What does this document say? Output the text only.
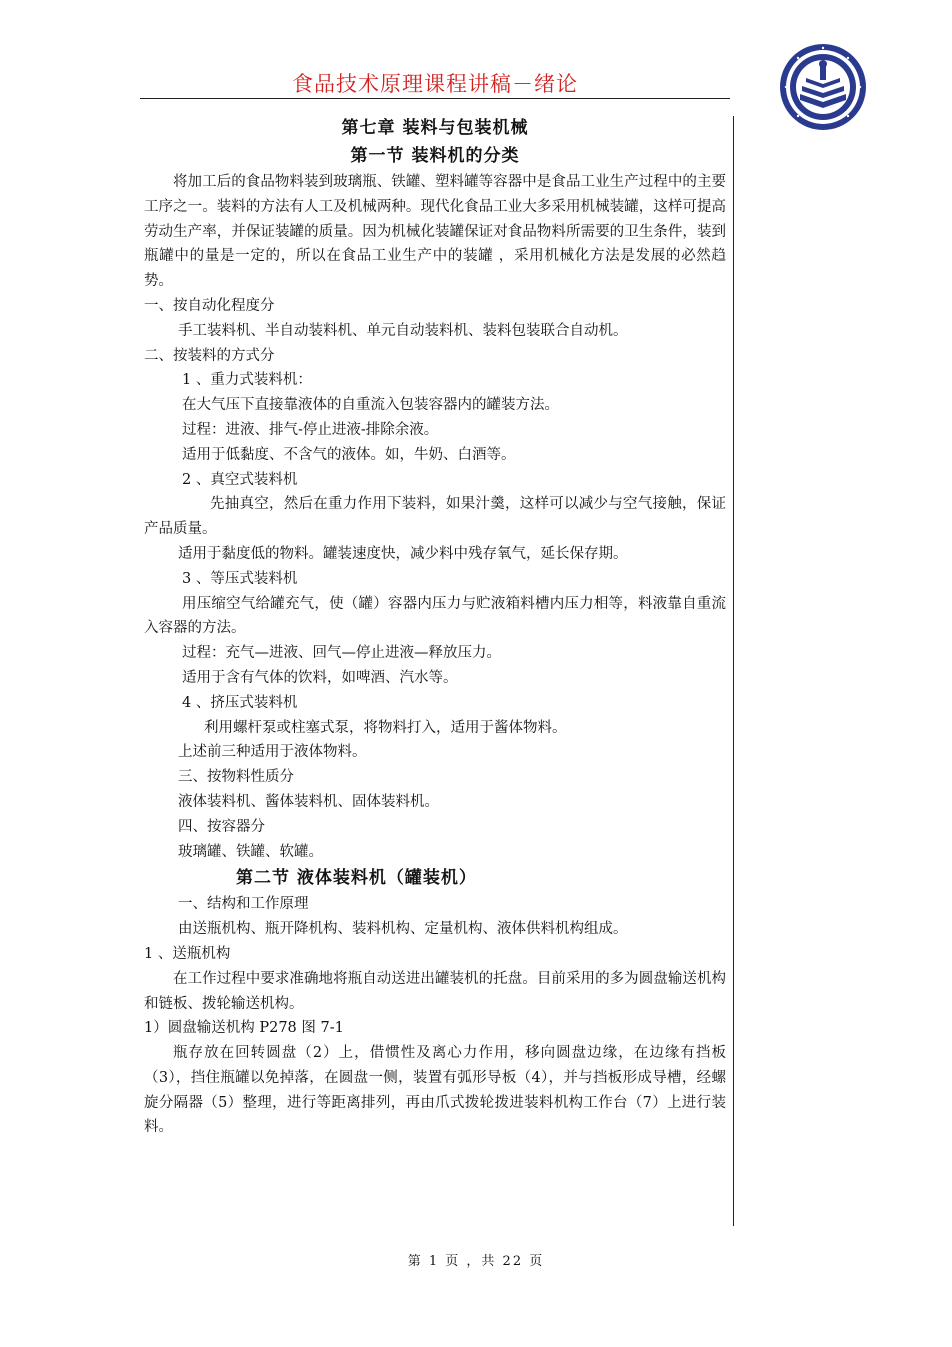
食品技术原理课程讲稿－绪论

第七章 装料与包装机械

第一节 装料机的分类

将加工后的食品物料装到玻璃瓶、铁罐、塑料罐等容器中是食品工业生产过程中的主要工序之一。装料的方法有人工及机械两种。现代化食品工业大多采用机械装罐，这样可提高劳动生产率，并保证装罐的质量。因为机械化装罐保证对食品物料所需要的卫生条件，装到瓶罐中的量是一定的，所以在食品工业生产中的装罐 ，采用机械化方法是发展的必然趋势。

一、按自动化程度分

手工装料机、半自动装料机、单元自动装料机、装料包装联合自动机。

二、按装料的方式分

1 、重力式装料机：

在大气压下直接靠液体的自重流入包装容器内的罐装方法。

过程：进液、排气-停止进液-排除余液。

适用于低黏度、不含气的液体。如，牛奶、白酒等。

2 、真空式装料机

先抽真空，然后在重力作用下装料，如果汁羹，这样可以减少与空气接触，保证产品质量。

适用于黏度低的物料。罐装速度快，减少料中残存氧气，延长保存期。

3 、等压式装料机

用压缩空气给罐充气，使（罐）容器内压力与贮液箱料槽内压力相等，料液靠自重流入容器的方法。

过程：充气—进液、回气—停止进液—释放压力。

适用于含有气体的饮料，如啤酒、汽水等。

4 、挤压式装料机

利用螺杆泵或柱塞式泵，将物料打入，适用于酱体物料。

上述前三种适用于液体物料。

三、按物料性质分

液体装料机、酱体装料机、固体装料机。

四、按容器分

玻璃罐、铁罐、软罐。

第二节 液体装料机（罐装机）

一、结构和工作原理

由送瓶机构、瓶开降机构、装料机构、定量机构、液体供料机构组成。

1 、送瓶机构

在工作过程中要求准确地将瓶自动送进出罐装机的托盘。目前采用的多为圆盘输送机构和链板、拨轮输送机构。

1）圆盘输送机构 P278 图 7-1

瓶存放在回转圆盘（2）上，借惯性及离心力作用，移向圆盘边缘，在边缘有挡板（3），挡住瓶罐以免掉落，在圆盘一侧，装置有弧形导板（4），并与挡板形成导槽，经螺旋分隔器（5）整理，进行等距离排列，再由爪式拨轮拨进装料机构工作台（7）上进行装料。

第 1 页 ，共 22 页
